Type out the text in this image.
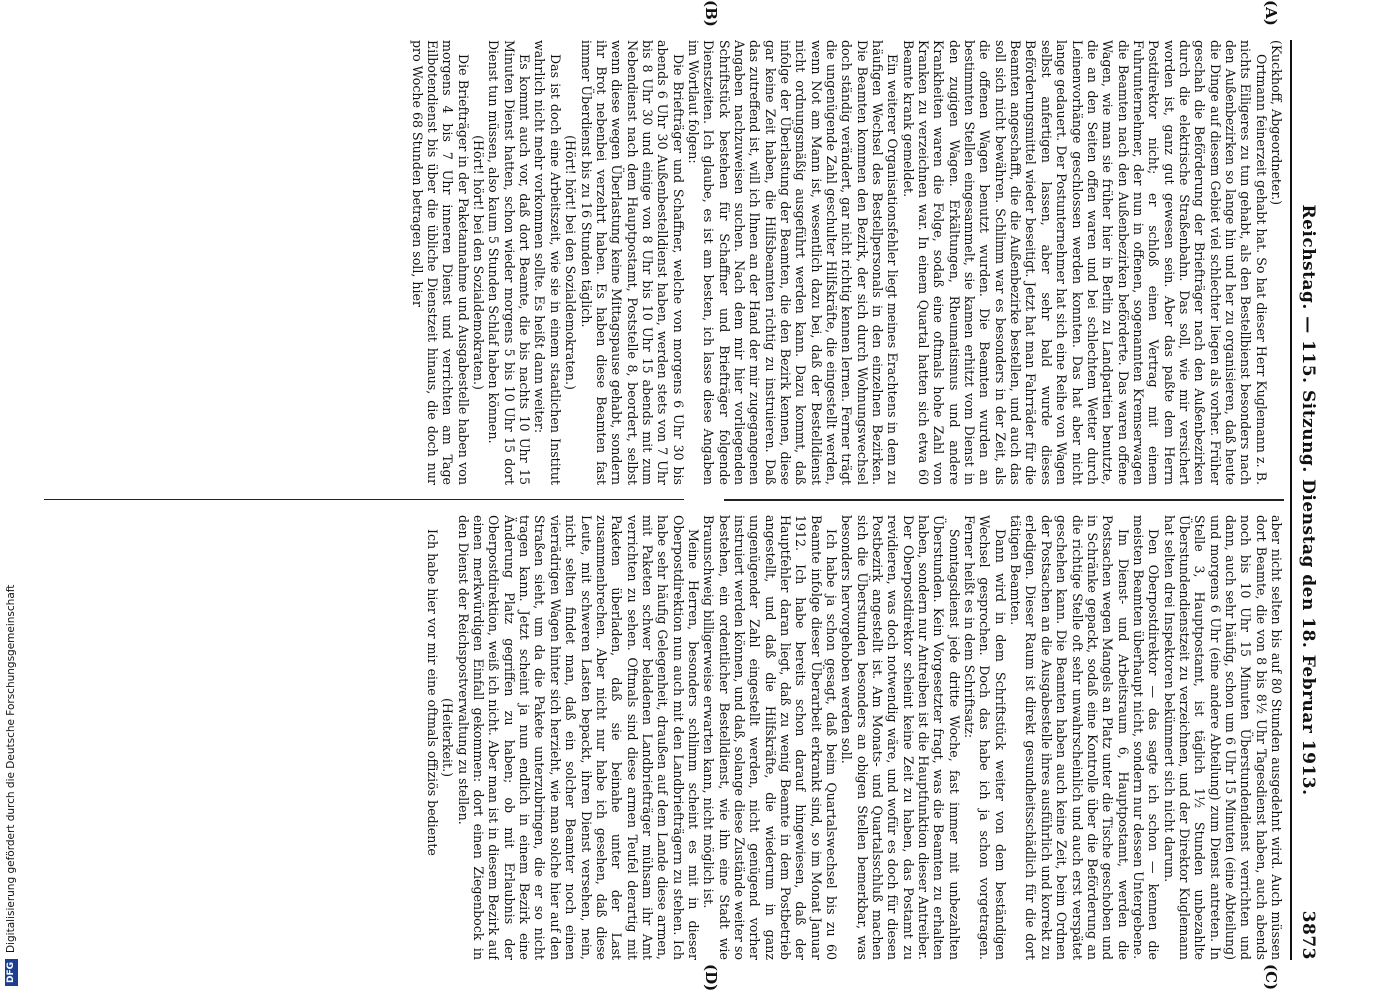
DFGDigitalisierung gefördert durch die Deutsche Forschungsgemeinschaft	Reichstag. — 115. Sitzung. Dienstag den 18. Februar 1913.
3873
(A)
(B)
(C)
(D)

(Kuckhoff, Abgeordneter.)

Ortmann feinerzeit gehabt hat. So hat dieser Herr Kuglemann z. B. nichts Eiligeres zu tun gehabt, als den Bestellbienst besonders nach den Außenbezirken so lange hin und her zu organisieren, daß heute die Dinge auf diesem Gebiet viel schlechter liegen als vorher. Früher geschah die Beförderung der Briefträger nach den Außenbezirken durch die elektrische Straßenbahn. Das soll, wie mir versichert worden ist, ganz gut gewesen sein. Aber das paßte dem Herrn Postdirektor nicht; er schloß einen Vertrag mit einem Fuhrunternehmer, der nun in offenen, sogenannten Kremserwagen die Beamten nach den Außenbezirken beförderte. Das waren offene Wagen, wie man sie früher hier in Berlin zu Landpartien benutzte, die an den Seiten offen waren und bei schlechtem Wetter durch Leinenvorhänge geschlossen werden konnten. Das hat aber nicht lange gedauert. Der Postunternehmer hat sich eine Reihe von Wagen selbst anfertigen lassen, aber sehr bald wurde dieses Beförderungsmittel wieder beseitigt. Jetzt hat man Fahrräder für die Beamten angeschafft, die die Außenbezirke bestellen, und auch das soll sich nicht bewähren. Schlimm war es besonders in der Zeit, als die offenen Wagen benutzt wurden. Die Beamten wurden an bestimmten Stellen eingesammelt, sie kamen erhitzt vom Dienst in den zugigen Wagen. Erkältungen, Rheumatismus und andere Krankheiten waren die Folge, sodaß eine oftmals hohe Zahl von Kranken zu verzeichnen war. In einem Quartal hatten sich etwa 60 Beamte krank gemeldet.

Ein weiterer Organisationsfehler liegt meines Erachtens in dem zu häufigen Wechsel des Bestellpersonals in den einzelnen Bezirken. Die Beamten kommen den Bezirk, der sich durch Wohnungswechsel doch ständig verändert, gar nicht richtig kennen lernen. Ferner trägt die ungenügende Zahl geschulter Hilfskräfte, die eingestellt werden, wenn Not am Mann ist, wesentlich dazu bei, daß der Bestelldienst nicht ordnungsmäßig ausgeführt werden kann. Dazu kommt, daß infolge der Überlastung der Beamten, die den Bezirk kennen, diese gar keine Zeit haben, die Hilfsbeamten richtig zu instruieren. Daß das zutreffend ist, will ich Ihnen an der Hand der mir zugegangenen Angaben nachzuweisen suchen. Nach dem mir hier vorliegenden Schriftstück bestehen für Schaffner und Briefträger folgende Dienstzeiten. Ich glaube, es ist am besten, ich lasse diese Angaben im Wortlaut folgen:

Die Briefträger und Schaffner, welche von morgens 6 Uhr 30 bis abends 6 Uhr 30 Außenbestelldienst haben, werden stets von 7 Uhr bis 8 Uhr 30 und einige von 8 Uhr bis 10 Uhr 15 abends mit zum Nebendienst nach dem Hauptpostamt, Poststelle 8, beordert, selbst wenn diese wegen Überlastung keine Mittagspause gehabt, sondern ihr Brot nebenbei verzehrt haben. Es haben diese Beamten fast immer Überdienst bis zu 16 Stunden täglich.

(Hört! hört! bei den Sozialdemokraten.)

Das ist doch eine Arbeitszeit, wie sie in einem staatlichen Institut wahrlich nicht mehr vorkommen sollte. Es heißt dann weiter:

Es kommt auch vor, daß dort Beamte, die bis nachts 10 Uhr 15 Minuten Dienst hatten, schon wieder morgens 5 bis 10 Uhr 15 dort Dienst tun müssen, also kaum 5 Stunden Schlaf haben können.

(Hört! hört! bei den Sozialdemokraten.)

Die Briefträger in der Paketannahme und Ausgabestelle haben von morgens 4 bis 7 Uhr inneren Dienst und verrichten am Tage Eilbotendienst bis über die übliche Dienstzeit hinaus, die doch nur pro Woche 68 Stunden betragen soll, hier

aber nicht selten bis auf 80 Stunden ausgedehnt wird. Auch müssen dort Beamte, die von 8 bis 8½ Uhr Tagesdienst haben, auch abends noch bis 10 Uhr 15 Minuten Überstundendienst verrichten und dann, auch sehr häufig, schon um 6 Uhr 15 Minuten (eine Abteilung) und morgens 6 Uhr (eine andere Abteilung) zum Dienst antreten. In Stelle 3, Hauptpostamt, ist täglich 1½ Stunden unbezahlte Überstundendienstzeit zu verzeichnen, und der Direktor Kuglemann hat selten drei Inspektoren bekümmert sich nicht darum.

Den Oberpostdirektor — das sagte ich schon — kennen die meisten Beamten überhaupt nicht, sondern nur dessen Untergebene.

Im Dienst- und Arbeitsraum 6, Hauptpostamt, werden die Postsachen wegen Mangels an Platz unter die Tische geschoben und in Schränke gepackt, sodaß eine Kontrolle über die Beförderung an die richtige Stelle oft sehr unwahrscheinlich und auch erst verspätet geschehen kann. Die Beamten haben auch keine Zeit, beim Ordnen der Postsachen an die Ausgabestelle ihres ausführlich und korrekt zu erledigen. Dieser Raum ist direkt gesundheitsschädlich für die dort tätigen Beamten.

Dann wird in dem Schriftstück weiter von dem beständigen Wechsel gesprochen. Doch das habe ich ja schon vorgetragen. Ferner heißt es in dem Schriftsatz:

Sonntagsdienst jede dritte Woche, fast immer mit unbezahlten Überstunden. Kein Vorgesetzter fragt, was die Beamten zu erhalten haben, sondern nur Antreiben ist die Hauptfunktion dieser Antreiber. Der Oberpostdirektor scheint keine Zeit zu haben, das Postamt zu revidieren, was doch notwendig wäre, und wofür es doch für diesen Postbezirk angestellt ist. Am Monats- und Quartalsschluß machen sich die Überstunden besonders an obigen Stellen bemerkbar, was besonders hervorgehoben werden soll.

Ich habe ja schon gesagt, daß beim Quartalswechsel bis zu 60 Beamte infolge dieser Überarbeit erkrankt sind, so im Monat Januar 1912. Ich habe bereits schon darauf hingewiesen, daß der Hauptfehler daran liegt, daß zu wenig Beamte in dem Postbetrieb angestellt, und daß die Hilfskräfte, die wiederum in ganz ungenügender Zahl eingestellt werden, nicht genügend vorher instruiert werden können, und daß, solange diese Zustände weiter so bestehen, ein ordentlicher Bestelldienst, wie ihn eine Stadt wie Braunschweig billigerweise erwarten kann, nicht möglich ist.

Meine Herren, besonders schlimm scheint es mit in dieser Oberpostdirektion nun auch mit den Landbriefträgern zu stehen. Ich habe sehr häufig Gelegenheit, draußen auf dem Lande diese armen, mit Paketen schwer beladenen Landbriefträger mühsam ihr Amt verrichten zu sehen. Oftmals sind diese armen Teufel derartig mit Paketen überladen, daß sie beinahe unter der Last zusammenbrechen. Aber nicht nur habe ich gesehen, daß diese Leute, mit schweren Lasten bepackt, ihren Dienst versehen, nein, nicht selten findet man, daß ein solcher Beamter noch einen vierrädrigen Wagen hinter sich herzieht, wie man solche hier auf den Straßen sieht, um da die Pakete unterzubringen, die er so nicht tragen kann. Jetzt scheint ja nun endlich in einem Bezirk eine Änderung Platz gegriffen zu haben; ob mit Erlaubnis der Oberpostdirektion, weiß ich nicht. Aber man ist in diesem Bezirk auf einen merkwürdigen Einfall gekommen: dort einen Ziegenbock in den Dienst der Reichspostverwaltung zu stellen.

(Heiterkeit.)

Ich habe hier vor mir eine oftmals offiziös bediente
